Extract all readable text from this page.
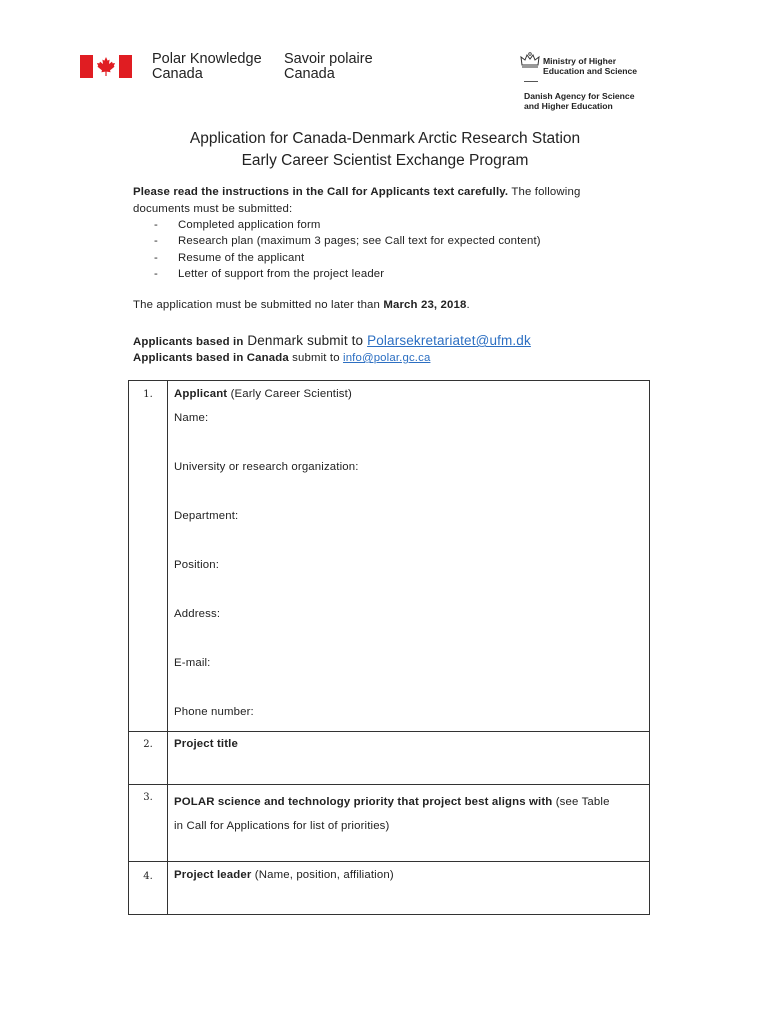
Polar Knowledge
Canada
Savoir polaire
Canada
Ministry of Higher
Education and Science
Danish Agency for Science
and Higher Education
Application for Canada-Denmark Arctic Research Station
Early Career Scientist Exchange Program
Please read the instructions in the Call for Applicants text carefully. The following documents must be submitted:
- Completed application form
- Research plan (maximum 3 pages; see Call text for expected content)
- Resume of the applicant
- Letter of support from the project leader
The application must be submitted no later than March 23, 2018.
Applicants based in Denmark submit to Polarsekretariatet@ufm.dk
Applicants based in Canada submit to info@polar.gc.ca
1.	Applicant (Early Career Scientist)
Name:
University or research organization:
Department:
Position:
Address:
E-mail:
Phone number:
2.	Project title
3.	POLAR science and technology priority that project best aligns with (see Table
in Call for Applications for list of priorities)
4.	Project leader (Name, position, affiliation)
